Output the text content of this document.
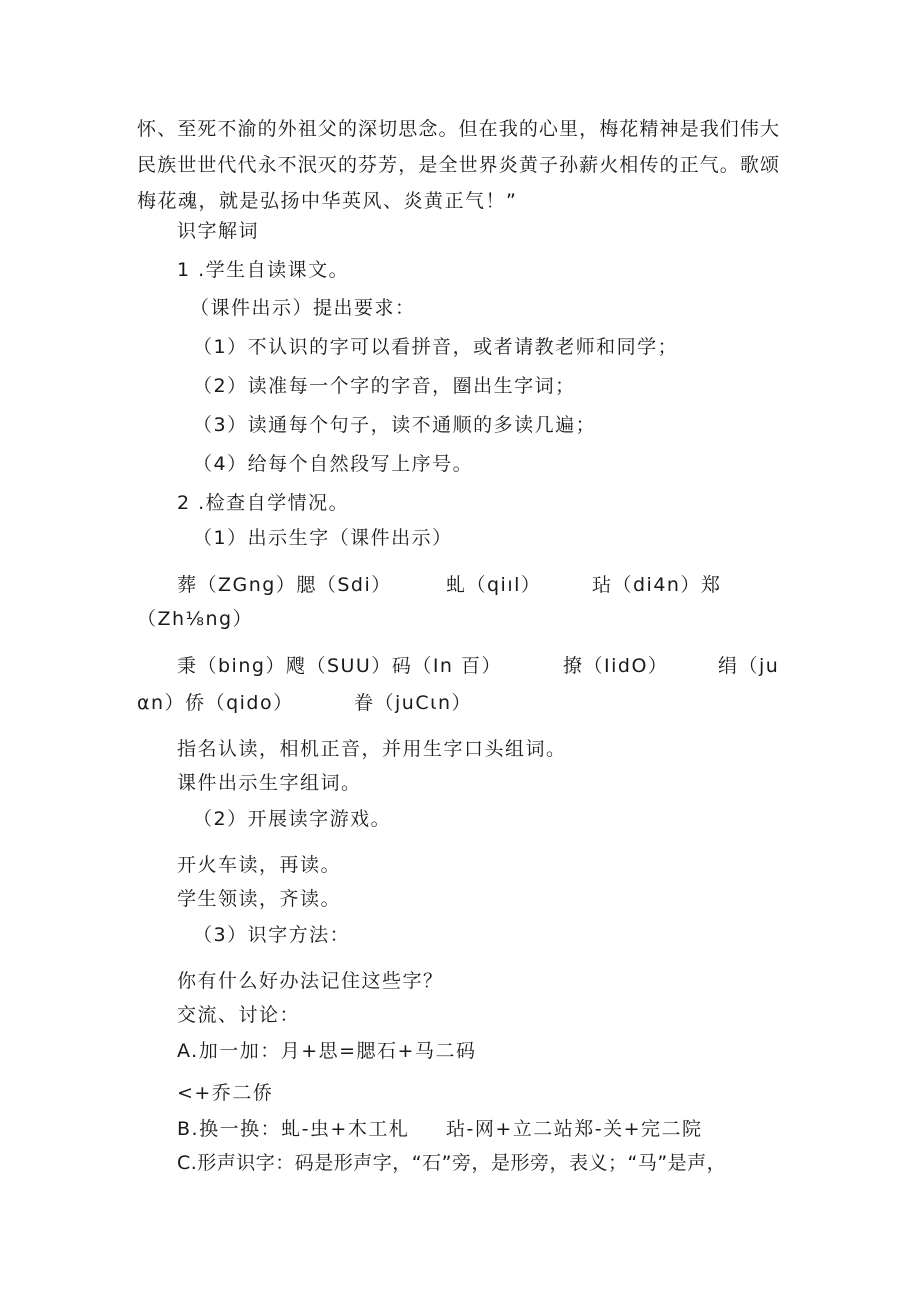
怀、至死不渝的外祖父的深切思念。但在我的心里，梅花精神是我们伟大

民族世世代代永不泯灭的芬芳，是全世界炎黄子孙薪火相传的正气。歌颂

梅花魂，就是弘扬中华英风、炎黄正气！”

识字解词

1 .学生自读课文。

（课件出示）提出要求：

（1）不认识的字可以看拼音，或者请教老师和同学；

（2）读准每一个字的字音，圈出生字词；

（3）读通每个句子，读不通顺的多读几遍；

（4）给每个自然段写上序号。

2 .检查自学情况。

（1）出示生字（课件出示）

葬（ZGng）腮（Sdi）	虬（qiıl）	玷（di4n）郑

（Zh⅛ng）

秉（bing）飕（SUU）码（In 百）	撩（IidO）	绢（ju

αn）侨（qido）	眷（juCιn）

指名认读，相机正音，并用生字口头组词。

课件出示生字组词。

（2）开展读字游戏。

开火车读，再读。

学生领读，齐读。

（3）识字方法：

你有什么好办法记住这些字？

交流、讨论：

A.加一加：月+思=腮石+马二码

<+乔二侨

B.换一换：虬-虫+木工札 玷-网+立二站郑-关+完二院

C.形声识字：码是形声字，“石”旁，是形旁，表义；“马”是声，
